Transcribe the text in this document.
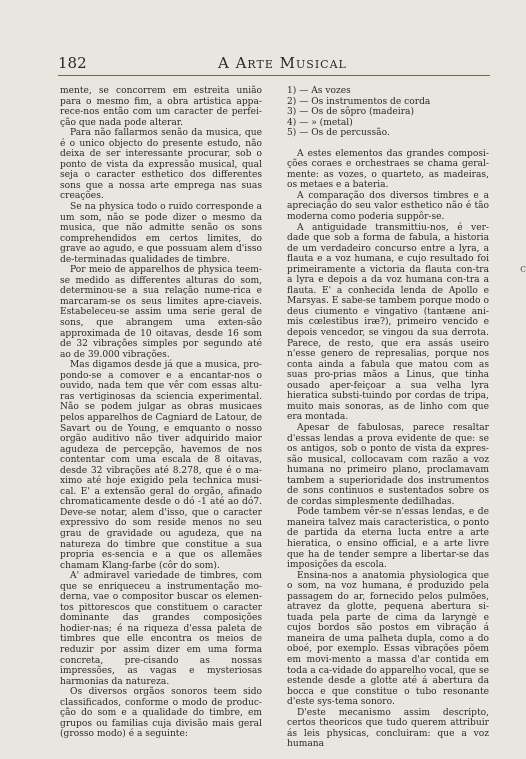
182	A Arte Musical

mente, se concorrem em estreita união para o mesmo fim, a obra artistica appa-rece-nos então com um caracter de perfei-ção que nada pode alterar.

Para não fallarmos senão da musica, que é o unico objecto do presente estudo, não deixa de ser interessante procurar, sob o ponto de vista da expressão musical, qual seja o caracter esthetico dos differentes sons que a nossa arte emprega nas suas creações.

Se na physica todo o ruido corresponde a um som, não se pode dizer o mesmo da musica, que não admitte senão os sons comprehendidos em certos limites, do grave ao agudo, e que possuam alem d'isso de-terminadas qualidades de timbre.

Por meio de apparelhos de physica teem-se medido as differentes alturas do som, determinou-se a sua relação nume-rica e marcaram-se os seus limites apre-ciaveis. Estabeleceu-se assim uma serie geral de sons, que abrangem uma exten-são approximada de 10 oitavas, desde 16 som de 32 vibrações simples por segundo até ao de 39.000 vibrações.

Mas digamos desde já que a musica, pro-pondo-se a comover e a encantar-nos o ouvido, nada tem que vêr com essas altu-ras vertiginosas da sciencia experimental. Não se podem julgar as obras musicaes pelos apparelhos de Cagniard de Latour, de Savart ou de Young, e emquanto o nosso orgão auditivo não tiver adquirido maior agudeza de percepção, havemos de nos contentar com uma escala de 8 oitavas, desde 32 vibrações até 8.278, que é o ma-ximo até hoje exigido pela technica musi-cal. E' a extensão geral do orgão, afinado chromaticamente desde o dó -1 até ao dó7. Deve-se notar, alem d'isso, que o caracter expressivo do som reside menos no seu grau de gravidade ou agudeza, que na natureza do timbre que constitue a sua propria es-sencia e a que os allemães chamam Klang-farbe (côr do som).

A' admiravel variedade de timbres, com que se enriqueceu a instrumentação mo-derna, vae o compositor buscar os elemen-tos pittorescos que constituem o caracter dominante das grandes composições hodier-nas; é na riqueza d'essa paleta de timbres que elle encontra os meios de reduzir por assim dizer em uma forma concreta, pre-cisando as nossas impressões, as vagas e mysteriosas harmonias da natureza.

Os diversos orgãos sonoros teem sido classificados, conforme o modo de produc-ção do som e a qualidade do timbre, em grupos ou familias cuja divisão mais geral (grosso modo) é a seguinte:

1) — As vozes

2) — Os instrumentos de corda

3) — Os de sôpro (madeira)

4) — » (metal)

5) — Os de percussão.

A estes elementos das grandes composi-ções coraes e orchestraes se chama geral-mente: as vozes, o quarteto, as madeiras, os metaes e a bateria.

A comparação dos diversos timbres e a apreciação do seu valor esthetico não é tão moderna como poderia suppôr-se.

A antiguidade transmittiu-nos, é ver-dade que sob a forma de fabula, a historia de um verdadeiro concurso entre a lyra, a flauta e a voz humana, e cujo resultado foi primeiramente a victoria da flauta con-tra a lyra e depois a da voz humana con-tra a flauta. E' a conhecida lenda de Apollo e Marsyas. E sabe-se tambem porque modo o deus ciumento e vingativo (tantæne ani-mis cœlestibus iræ?), primeiro vencido e depois vencedor, se vingou da sua derrota. Parece, de resto, que era assás useiro n'esse genero de represalias, porque nos conta ainda a fabula que matou com as suas pro-prias mãos a Linus, que tinha ousado aper-feiçoar a sua velha lyra hieratica substi-tuindo por cordas de tripa, muito mais sonoras, as de linho com que era montada.

Apesar de fabulosas, parece resaltar d'essas lendas a prova evidente de que: se os antigos, sob o ponto de vista da expres-são musical, collocavam com razão a voz humana no primeiro plano, proclamavam tambem a superioridade dos instrumentos de sons continuos e sustentados sobre os de cordas simplesmente dedilhadas.

Pode tambem vêr-se n'essas lendas, e de maneira talvez mais caracteristica, o ponto de partida da eterna lucta entre a arte hieratica, o ensino official, e a arte livre que ha de tender sempre a libertar-se das imposições da escola.

Ensina-nos a anatomia physiologica que o som, na voz humana, é produzido pela passagem do ar, fornecido pelos pulmões, atravez da glotte, pequena abertura si-tuada pela parte de cima da laryngè e cujos bordos são postos em vibração á maneira de uma palheta dupla, como a do oboé, por exemplo. Essas vibrações põem em movi-mento a massa d'ar contida em toda a ca-vidade do apparelho vocal, que se estende desde a glotte até á abertura da bocca e que constitue o tubo resonante d'este sys-tema sonoro.

D'este mecanismo assim descripto, certos theoricos que tudo querem attribuir ás leis physicas, concluiram: que a voz humana

c
